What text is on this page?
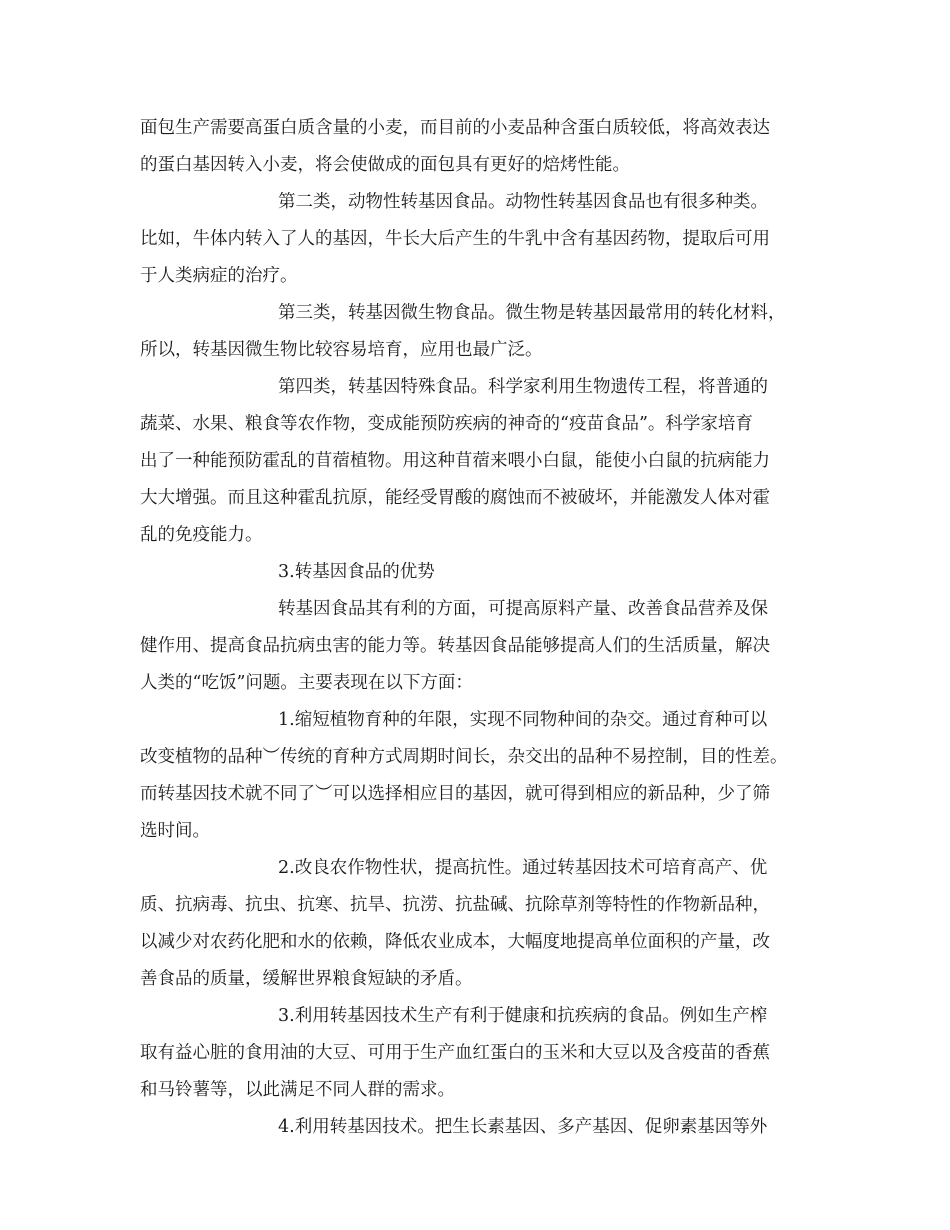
面包生产需要高蛋白质含量的小麦，而目前的小麦品种含蛋白质较低，将高效表达
的蛋白基因转入小麦，将会使做成的面包具有更好的焙烤性能。
第二类，动物性转基因食品。动物性转基因食品也有很多种类。
比如，牛体内转入了人的基因，牛长大后产生的牛乳中含有基因药物，提取后可用
于人类病症的治疗。
第三类，转基因微生物食品。微生物是转基因最常用的转化材料，
所以，转基因微生物比较容易培育，应用也最广泛。
第四类，转基因特殊食品。科学家利用生物遗传工程，将普通的
蔬菜、水果、粮食等农作物，变成能预防疾病的神奇的“疫苗食品”。科学家培育
出了一种能预防霍乱的苜蓿植物。用这种苜蓿来喂小白鼠，能使小白鼠的抗病能力
大大增强。而且这种霍乱抗原，能经受胃酸的腐蚀而不被破坏，并能激发人体对霍
乱的免疫能力。
3.转基因食品的优势
转基因食品其有利的方面，可提高原料产量、改善食品营养及保
健作用、提高食品抗病虫害的能力等。转基因食品能够提高人们的生活质量，解决
人类的“吃饭”问题。主要表现在以下方面：
1.缩短植物育种的年限，实现不同物种间的杂交。通过育种可以
改变植物的品种︶传统的育种方式周期时间长，杂交出的品种不易控制，目的性差。
而转基因技术就不同了︶可以选择相应目的基因，就可得到相应的新品种，少了筛
选时间。
2.改良农作物性状，提高抗性。通过转基因技术可培育高产、优
质、抗病毒、抗虫、抗寒、抗旱、抗涝、抗盐碱、抗除草剂等特性的作物新品种，
以减少对农药化肥和水的依赖，降低农业成本，大幅度地提高单位面积的产量，改
善食品的质量，缓解世界粮食短缺的矛盾。
3.利用转基因技术生产有利于健康和抗疾病的食品。例如生产榨
取有益心脏的食用油的大豆、可用于生产血红蛋白的玉米和大豆以及含疫苗的香蕉
和马铃薯等，以此满足不同人群的需求。
4.利用转基因技术。把生长素基因、多产基因、促卵素基因等外
